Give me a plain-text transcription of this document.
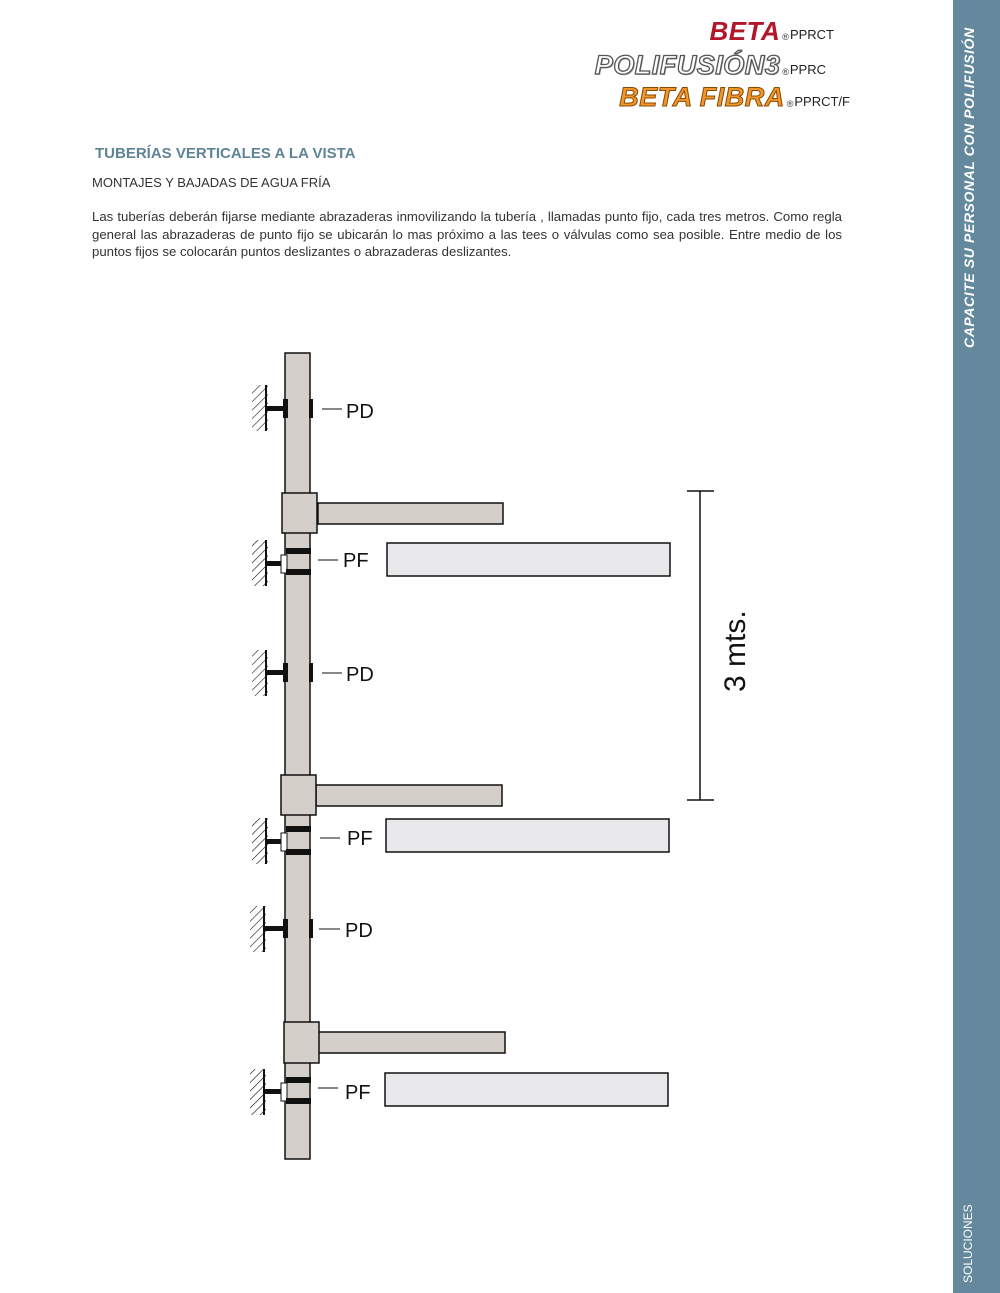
BETA ® PPRCT
POLIFUSIÓN3 ® PPRC
BETA FIBRA ® PPRCT/F	CAPACITE SU PERSONAL CON POLIFUSIÓN
SOLUCIONES
TUBERÍAS VERTICALES A LA VISTA
MONTAJES Y BAJADAS DE AGUA FRÍA

Las tuberías deberán fijarse mediante abrazaderas inmovilizando la tubería , llamadas punto fijo, cada tres metros. Como regla general las abrazaderas de punto fijo se ubicarán lo mas próximo a las tees o válvulas como sea posible. Entre medio de los puntos fijos se colocarán puntos deslizantes o abrazaderas deslizantes.

PD
PF
PD
PF
PD
PF
3 mts.
